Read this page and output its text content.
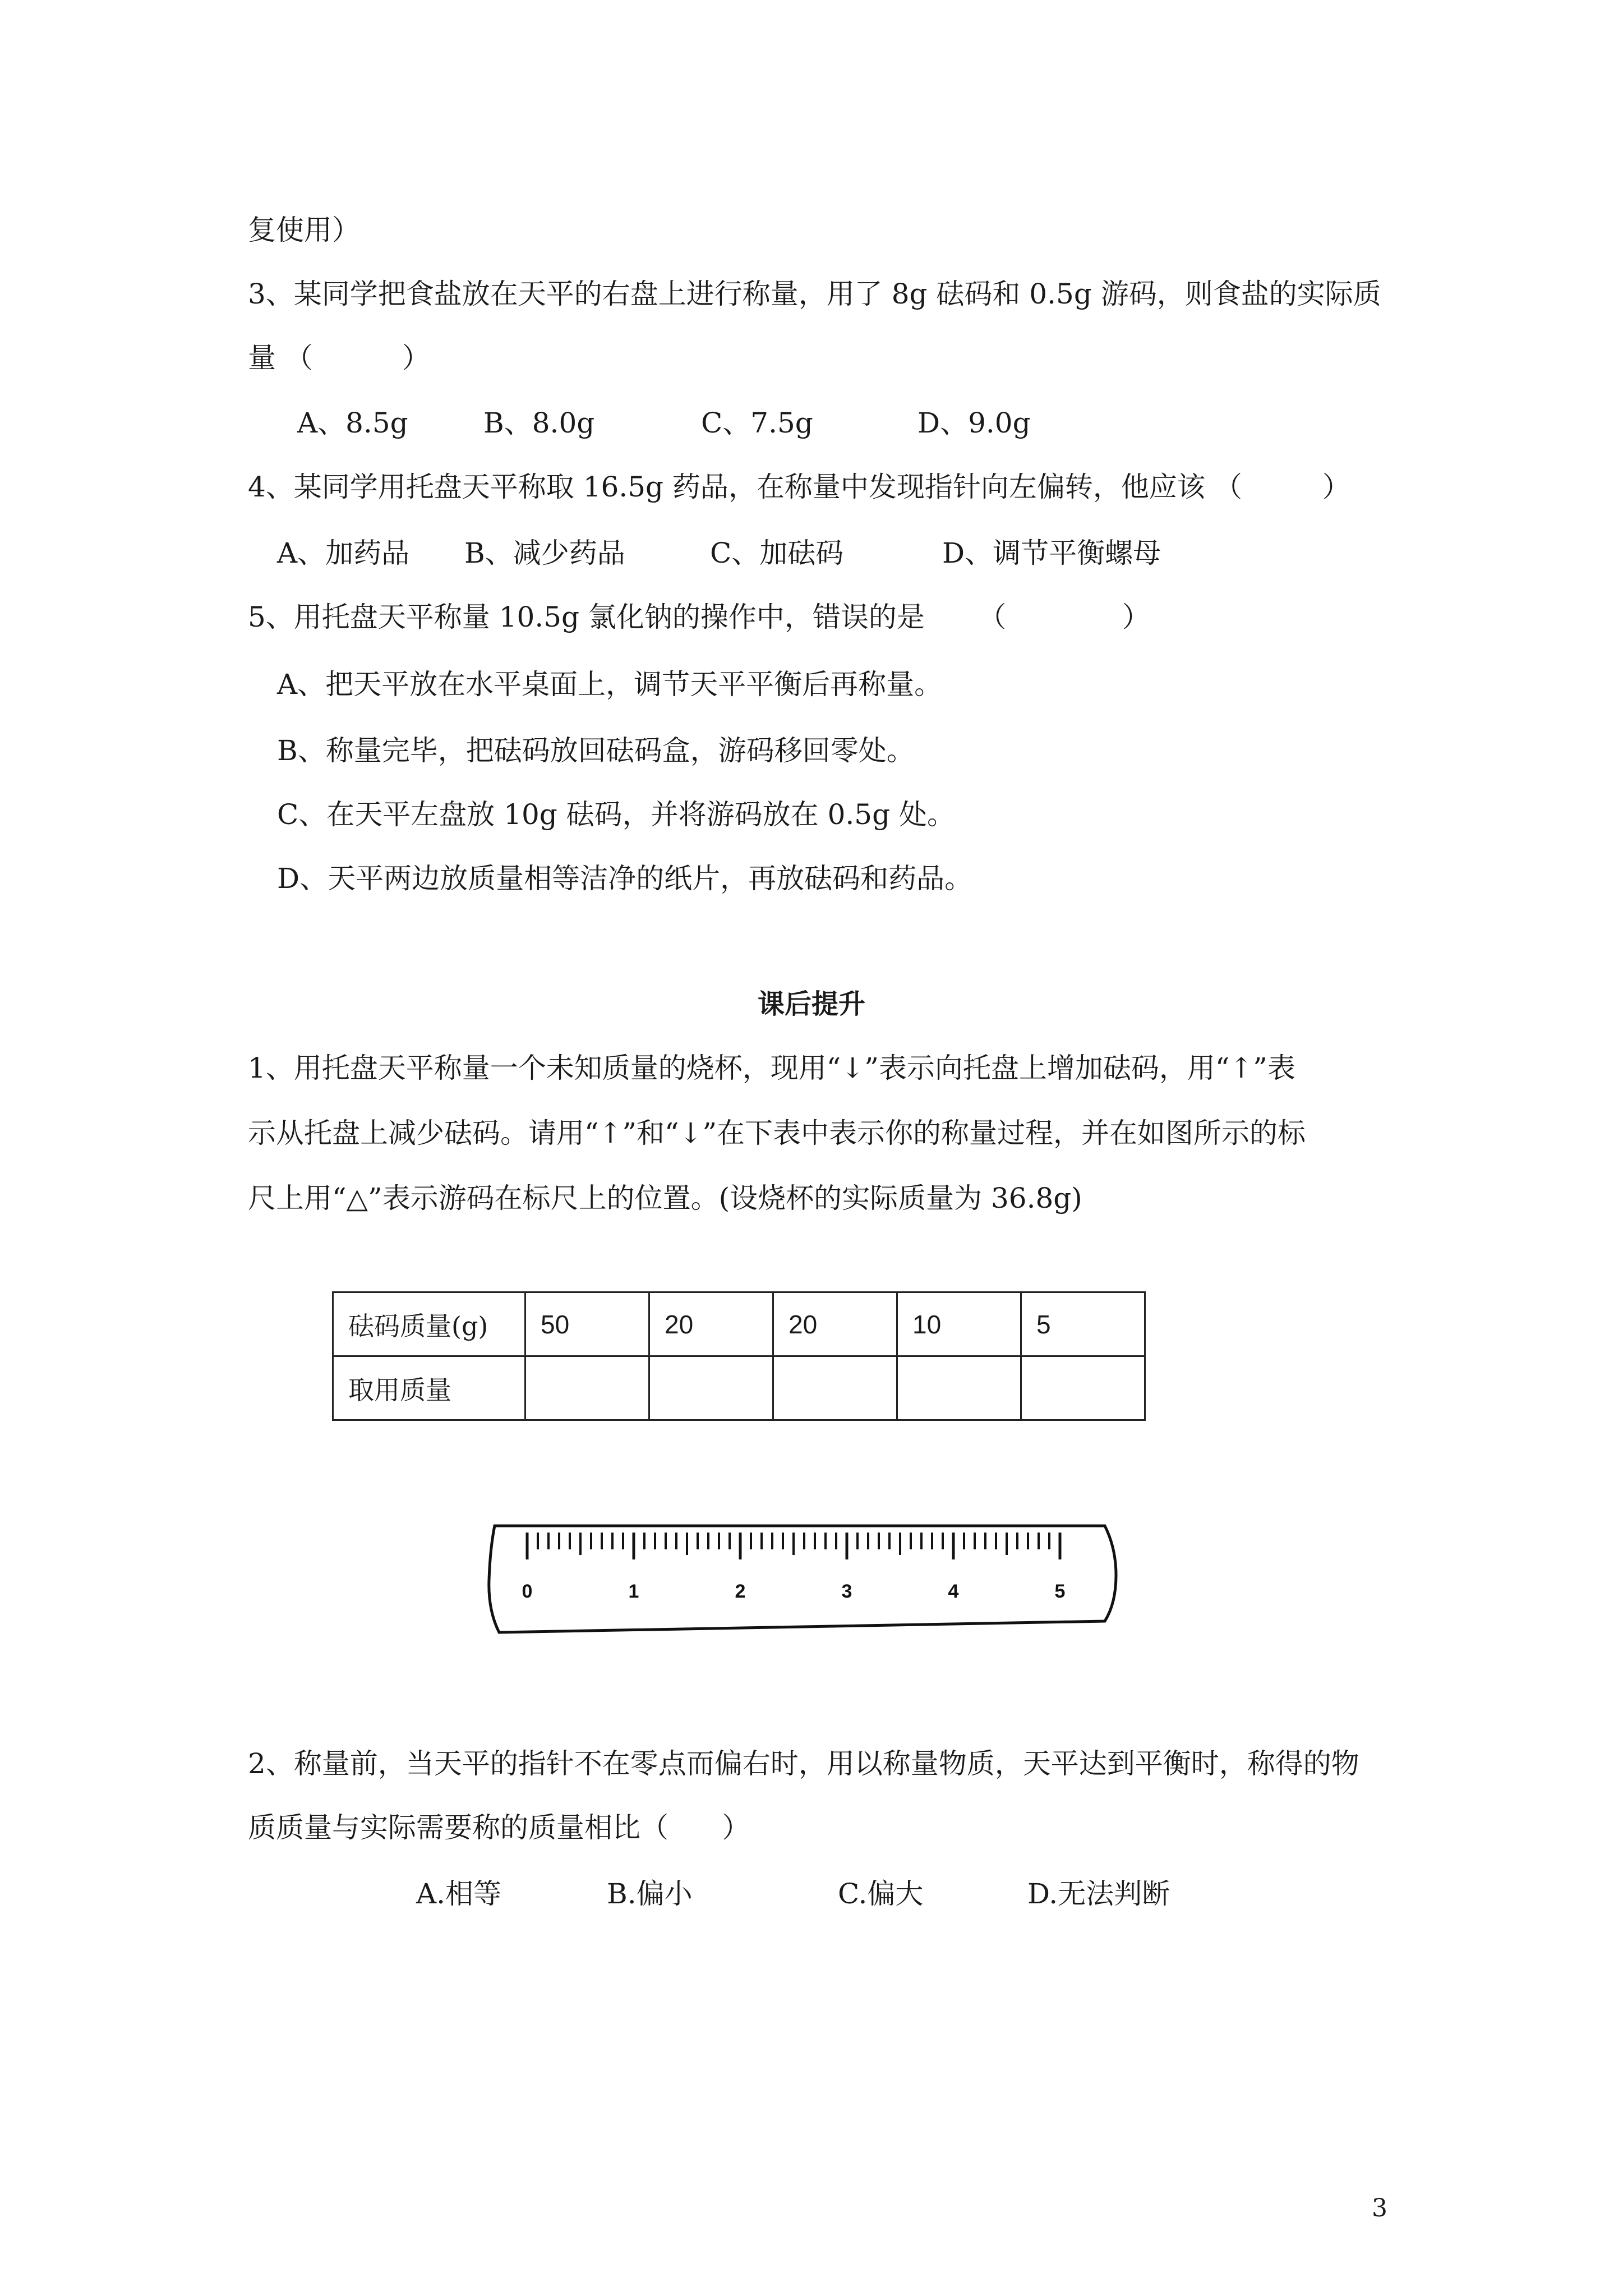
复使用）
3、某同学把食盐放在天平的右盘上进行称量，用了 8g 砝码和 0.5g 游码，则食盐的实际质
量 （          ）
A、8.5g	B、8.0g	C、7.5g	D、9.0g
4、某同学用托盘天平称取 16.5g 药品，在称量中发现指针向左偏转，他应该 （         ）
A、加药品 B、减少药品	C、加砝码	D、调节平衡螺母
5、用托盘天平称量 10.5g 氯化钠的操作中，错误的是      （             ）
A、把天平放在水平桌面上，调节天平平衡后再称量。
B、称量完毕，把砝码放回砝码盒，游码移回零处。
C、在天平左盘放 10g 砝码，并将游码放在 0.5g 处。
D、天平两边放质量相等洁净的纸片，再放砝码和药品。
课后提升
1、用托盘天平称量一个未知质量的烧杯，现用“↓”表示向托盘上增加砝码，用“↑”表
示从托盘上减少砝码。请用“↑”和“↓”在下表中表示你的称量过程，并在如图所示的标
尺上用“△”表示游码在标尺上的位置。(设烧杯的实际质量为 36.8g)
砝码质量(g)	50	20	20	10	5
取用质量					
0	1	2	3	4	5
2、称量前，当天平的指针不在零点而偏右时，用以称量物质，天平达到平衡时，称得的物
质质量与实际需要称的质量相比（      ）
A.相等	B.偏小	C.偏大	D.无法判断
3
